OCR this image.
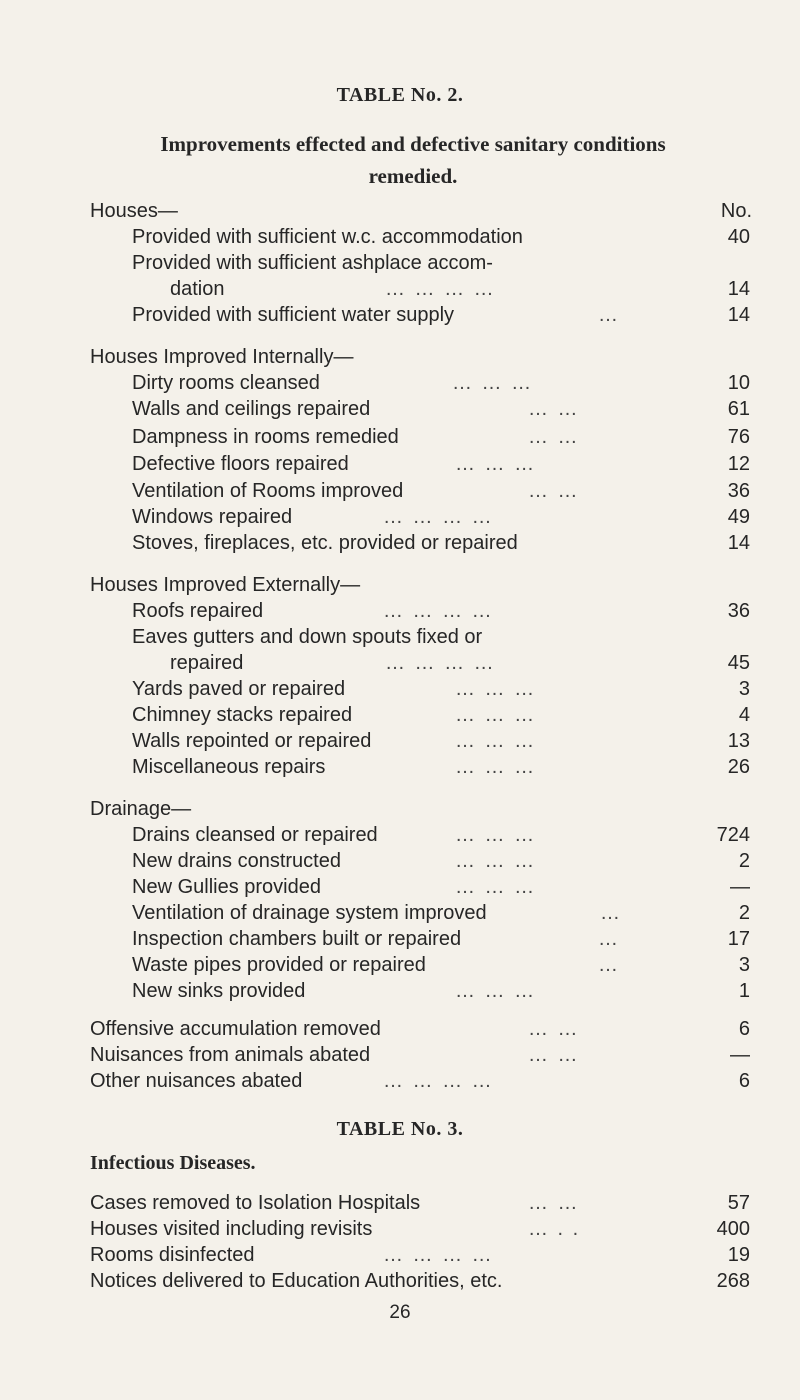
TABLE No. 2.
Improvements effected and defective sanitary conditions
remedied.
Houses—	No.
Provided with sufficient w.c. accommodation	40
Provided with sufficient ashplace accom-
dation	… … … …	14
Provided with sufficient water supply	…	14
Houses Improved Internally—
Dirty rooms cleansed	… … …	10
Walls and ceilings repaired	… …	61
Dampness in rooms remedied	… …	76
Defective floors repaired	… … …	12
Ventilation of Rooms improved	… …	36
Windows repaired	… … … …	49
Stoves, fireplaces, etc. provided or repaired	14
Houses Improved Externally—
Roofs repaired	… … … …	36
Eaves gutters and down spouts fixed or
repaired	… … … …	45
Yards paved or repaired	… … …	3
Chimney stacks repaired	… … …	4
Walls repointed or repaired	… … …	13
Miscellaneous repairs	… … …	26
Drainage—
Drains cleansed or repaired	… … …	724
New drains constructed	… … …	2
New Gullies provided	… … …	—
Ventilation of drainage system improved	…	2
Inspection chambers built or repaired	…	17
Waste pipes provided or repaired	…	3
New sinks provided	… … …	1
Offensive accumulation removed	… …	6
Nuisances from animals abated	… …	—
Other nuisances abated	… … … …	6
TABLE No. 3.
Infectious Diseases.
Cases removed to Isolation Hospitals	… …	57
Houses visited including revisits	… . .	400
Rooms disinfected	… … … …	19
Notices delivered to Education Authorities, etc.	268
26
